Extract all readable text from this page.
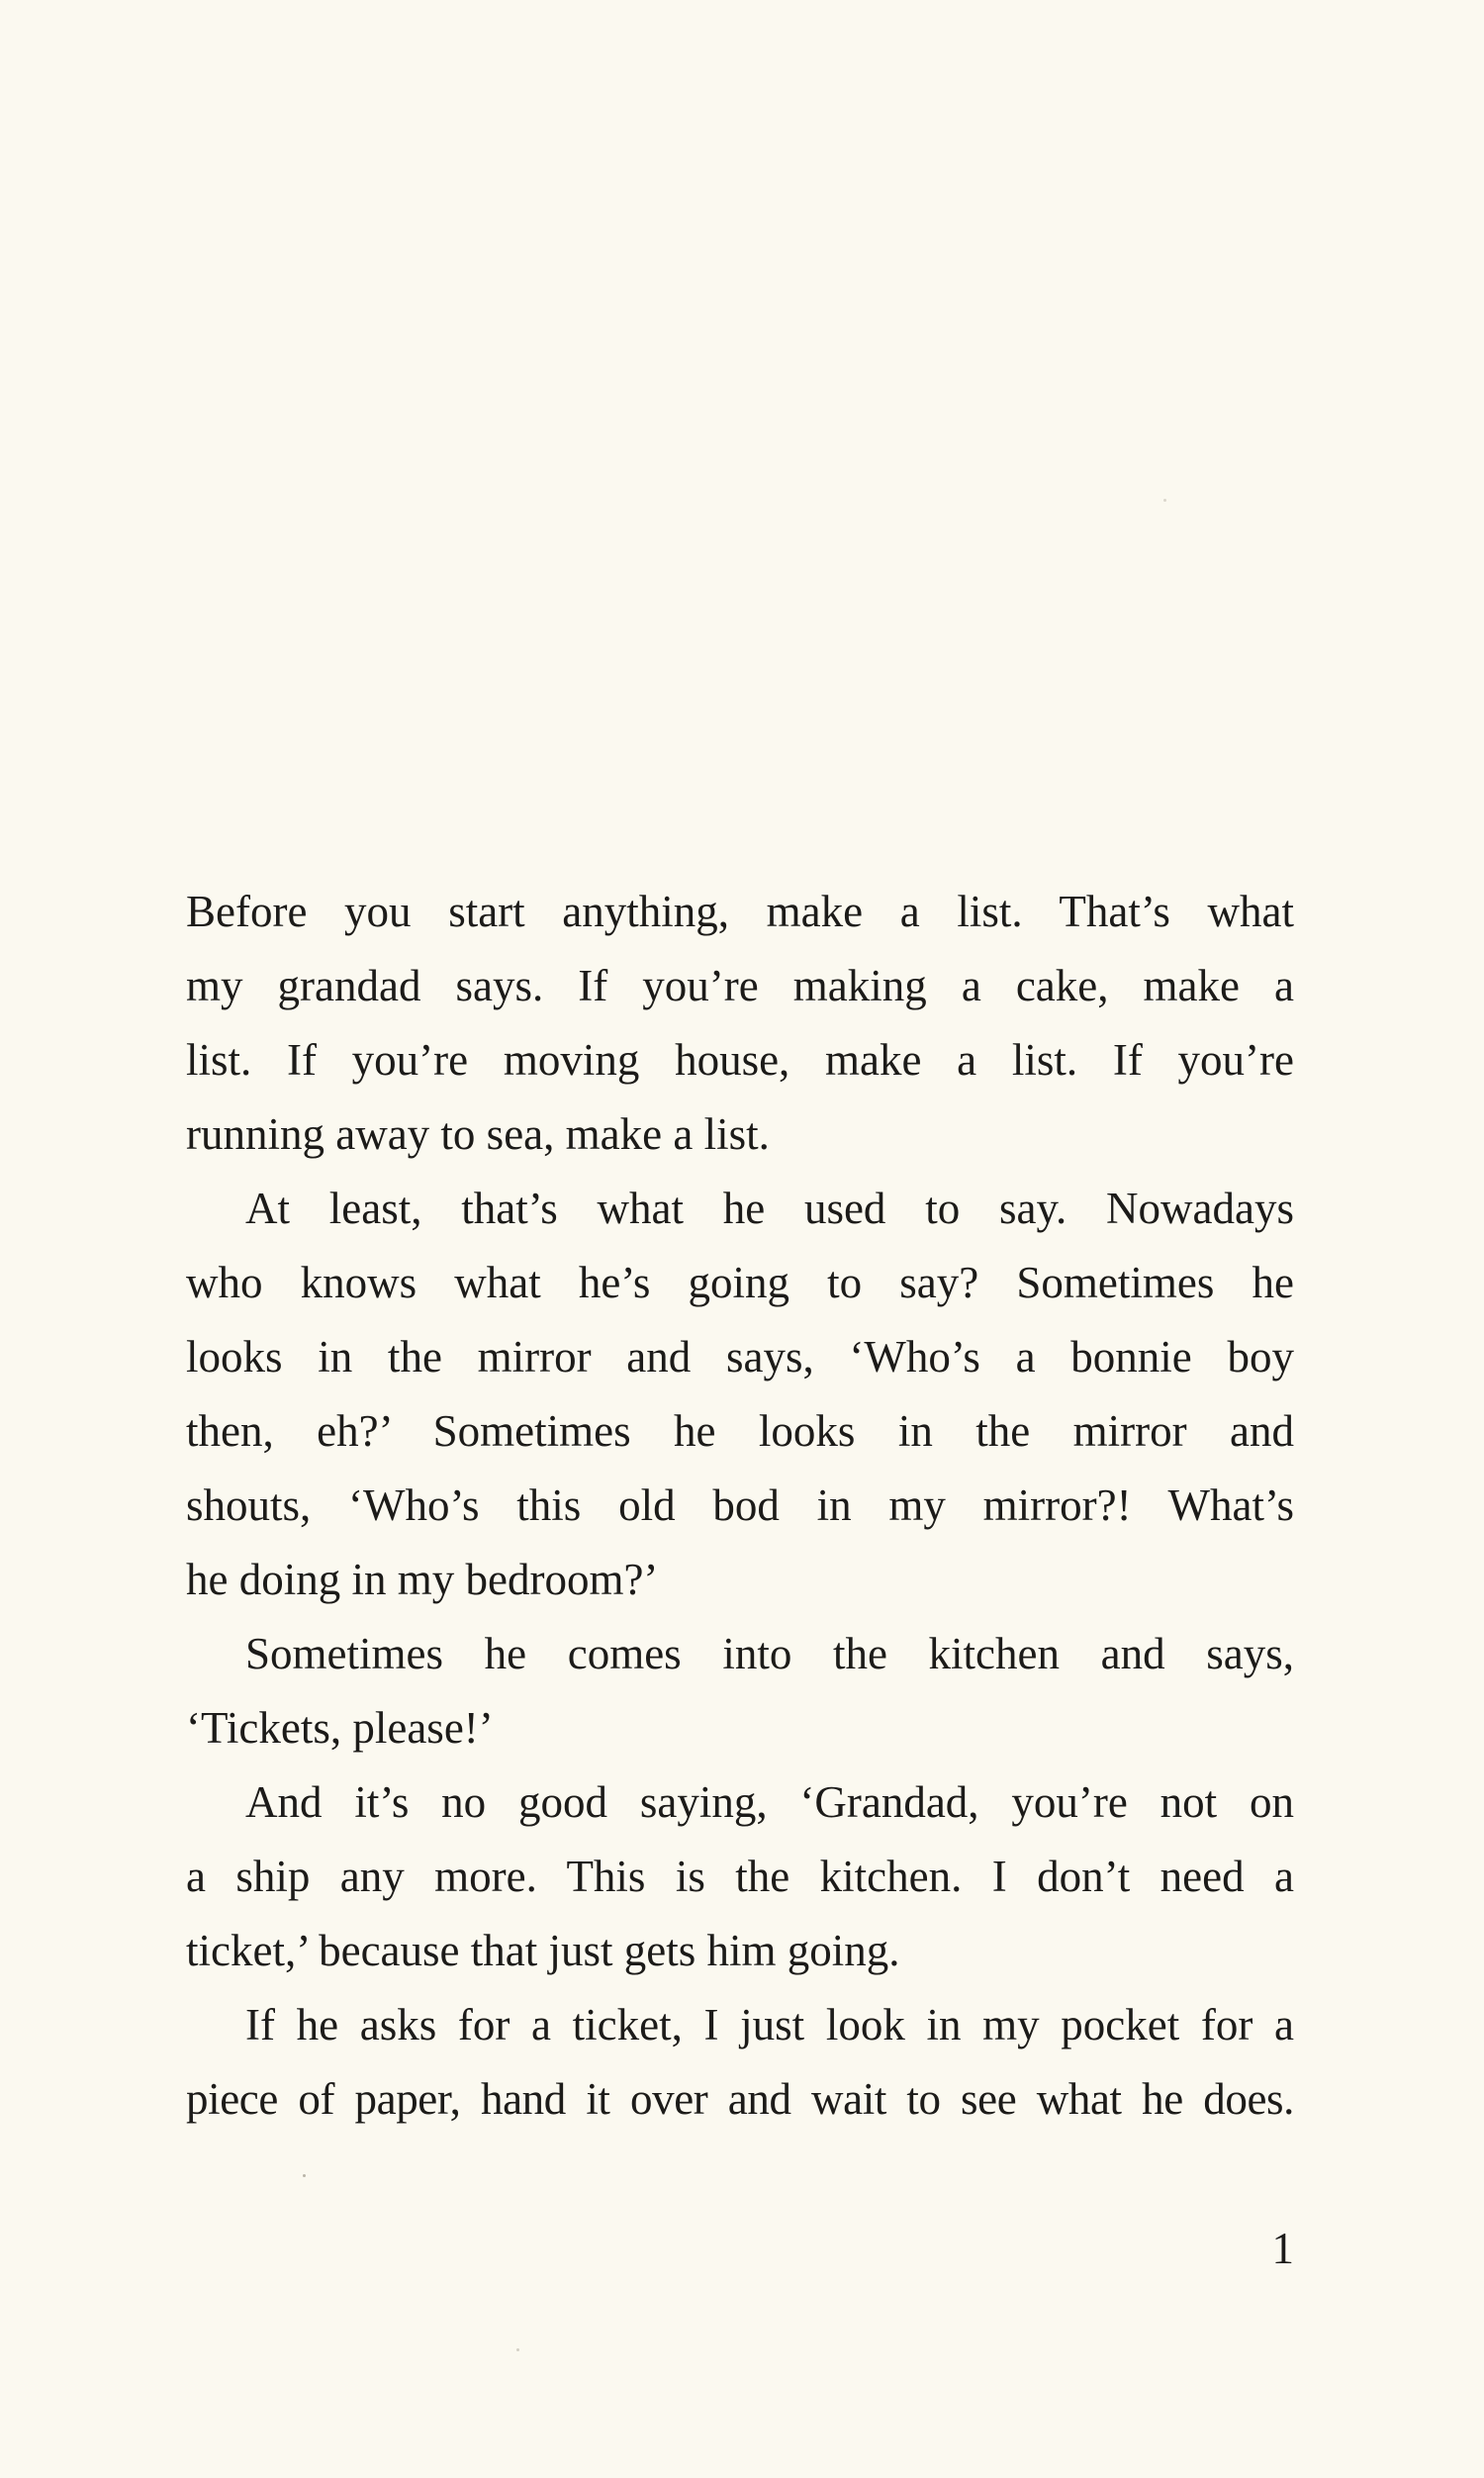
Before you start anything, make a list. That’s what
my grandad says. If you’re making a cake, make a
list. If you’re moving house, make a list. If you’re
running away to sea, make a list.
At least, that’s what he used to say. Nowadays
who knows what he’s going to say? Sometimes he
looks in the mirror and says, ‘Who’s a bonnie boy
then, eh?’ Sometimes he looks in the mirror and
shouts, ‘Who’s this old bod in my mirror?! What’s
he doing in my bedroom?’
Sometimes he comes into the kitchen and says,
‘Tickets, please!’
And it’s no good saying, ‘Grandad, you’re not on
a ship any more. This is the kitchen. I don’t need a
ticket,’ because that just gets him going.
If he asks for a ticket, I just look in my pocket for a
piece of paper, hand it over and wait to see what he does.
1
